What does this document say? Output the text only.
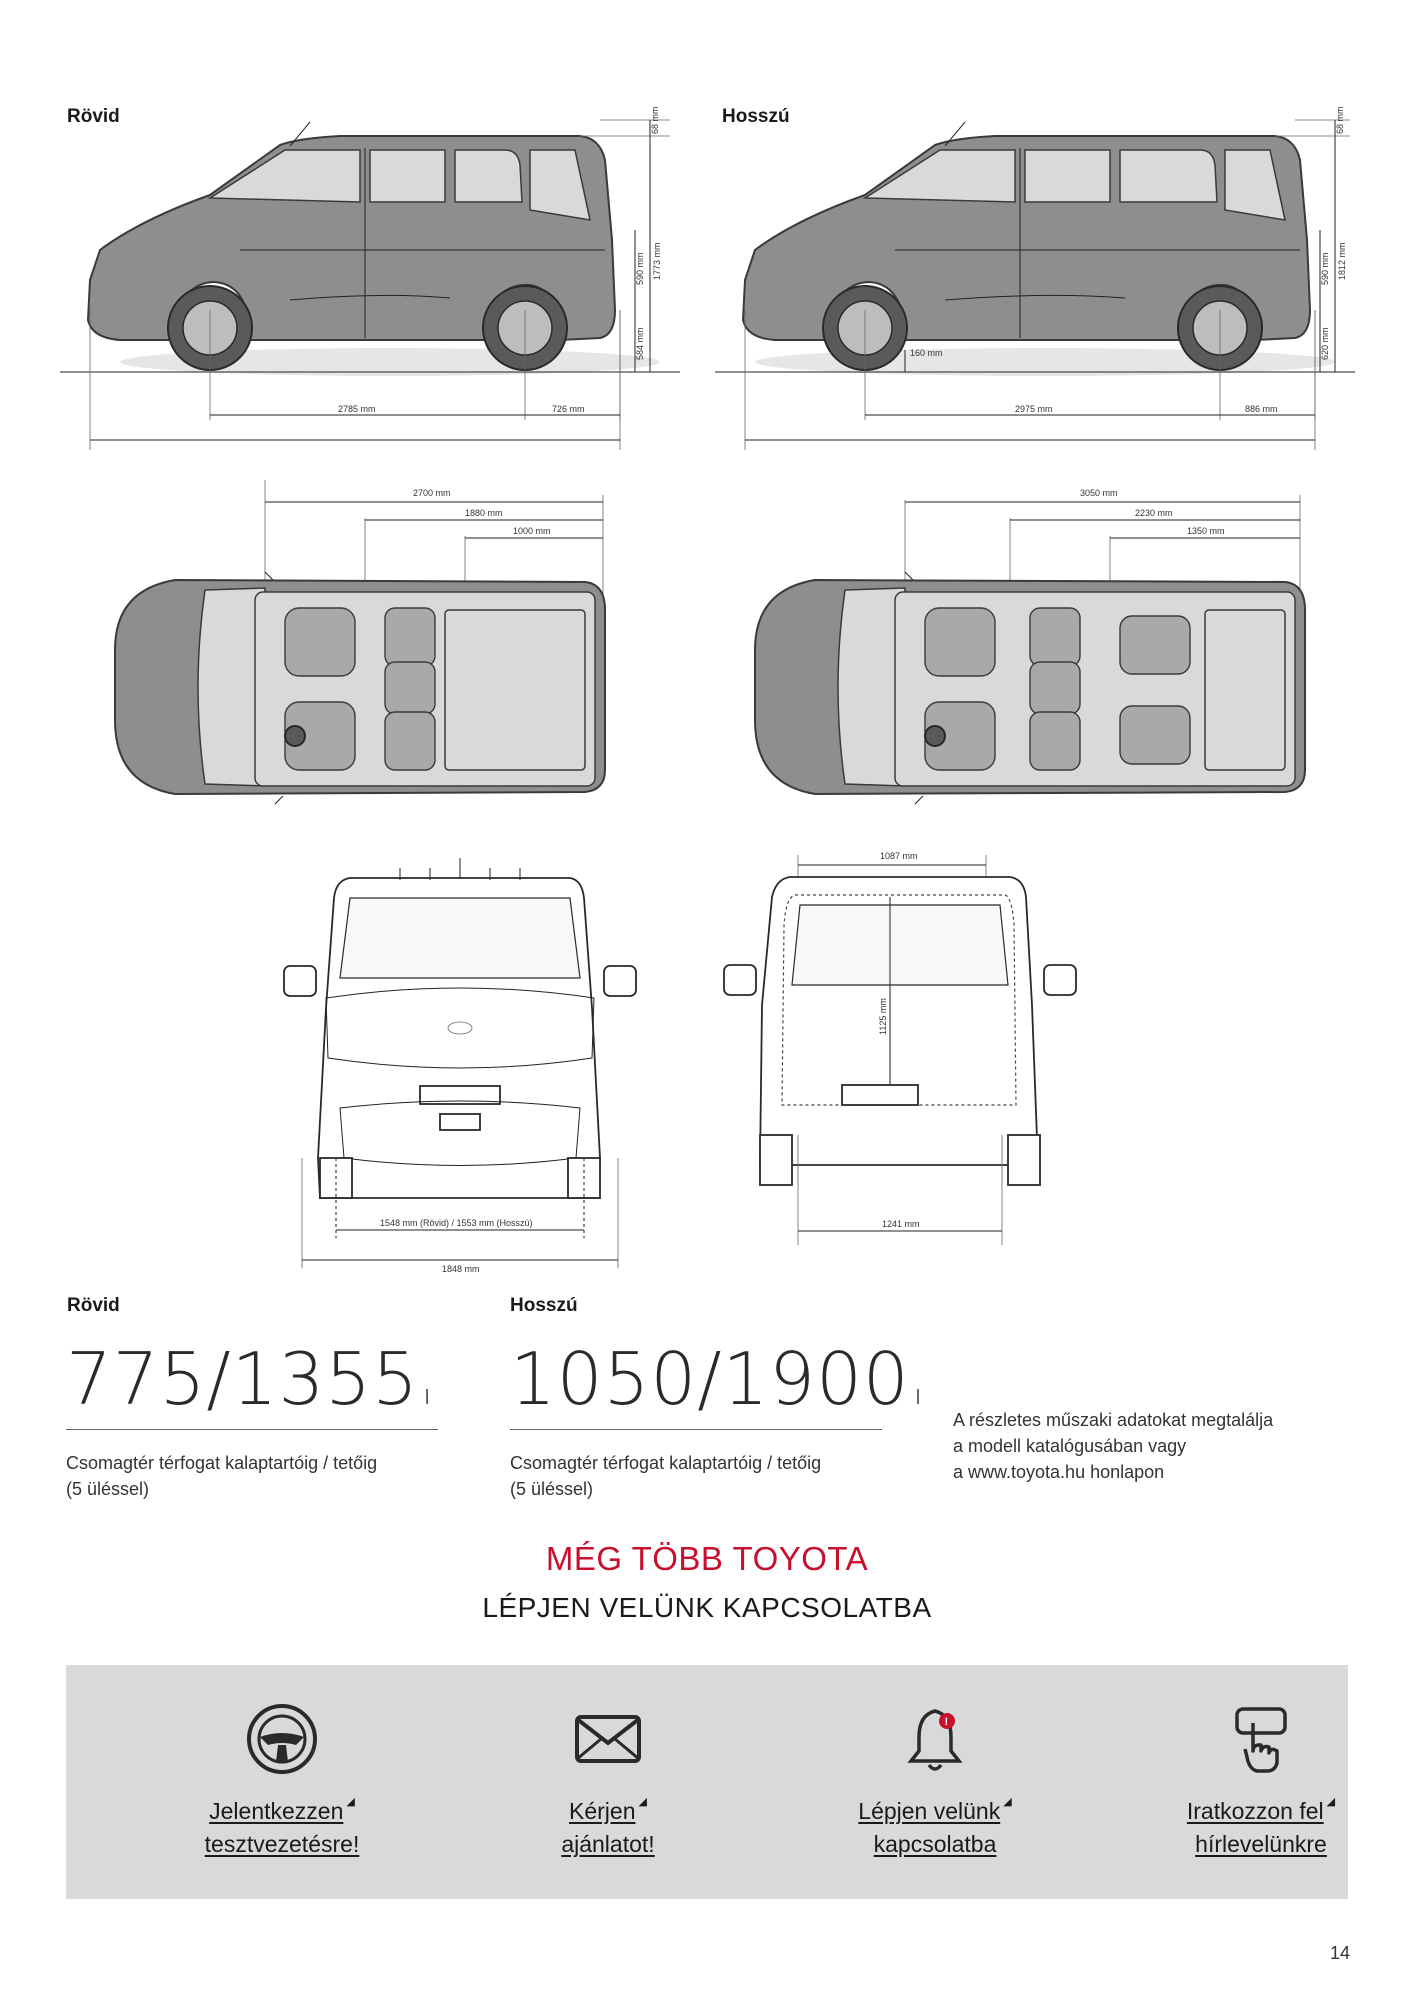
Rövid	Hosszú
2785 mm	726 mm
68 mm
590 mm 1773 mm
584 mm	160 mm
2975 mm	886 mm
68 mm
590 mm 1812 mm
620 mm
2700 mm
1880 mm
1000 mm
3050 mm
2230 mm
1350 mm
1548 mm (Rövid) / 1553 mm (Hosszú)
1848 mm
1087 mm
1125 mm
1241 mm
Rövid	Hosszú
775/1355 l
Csomagtér térfogat kalaptartóig / tetőig
(5 üléssel)
1050/1900 l
Csomagtér térfogat kalaptartóig / tetőig
(5 üléssel)
A részletes műszaki adatokat megtalálja
a modell katalógusában vagy
a www.toyota.hu honlapon
MÉG TÖBB TOYOTA
LÉPJEN VELÜNK KAPCSOLATBA
Jelentkezzen ◢
tesztvezetésre!
Kérjen ◢
ajánlatot!
!
Lépjen velünk ◢
kapcsolatba
Iratkozzon fel ◢
hírlevelünkre
14
